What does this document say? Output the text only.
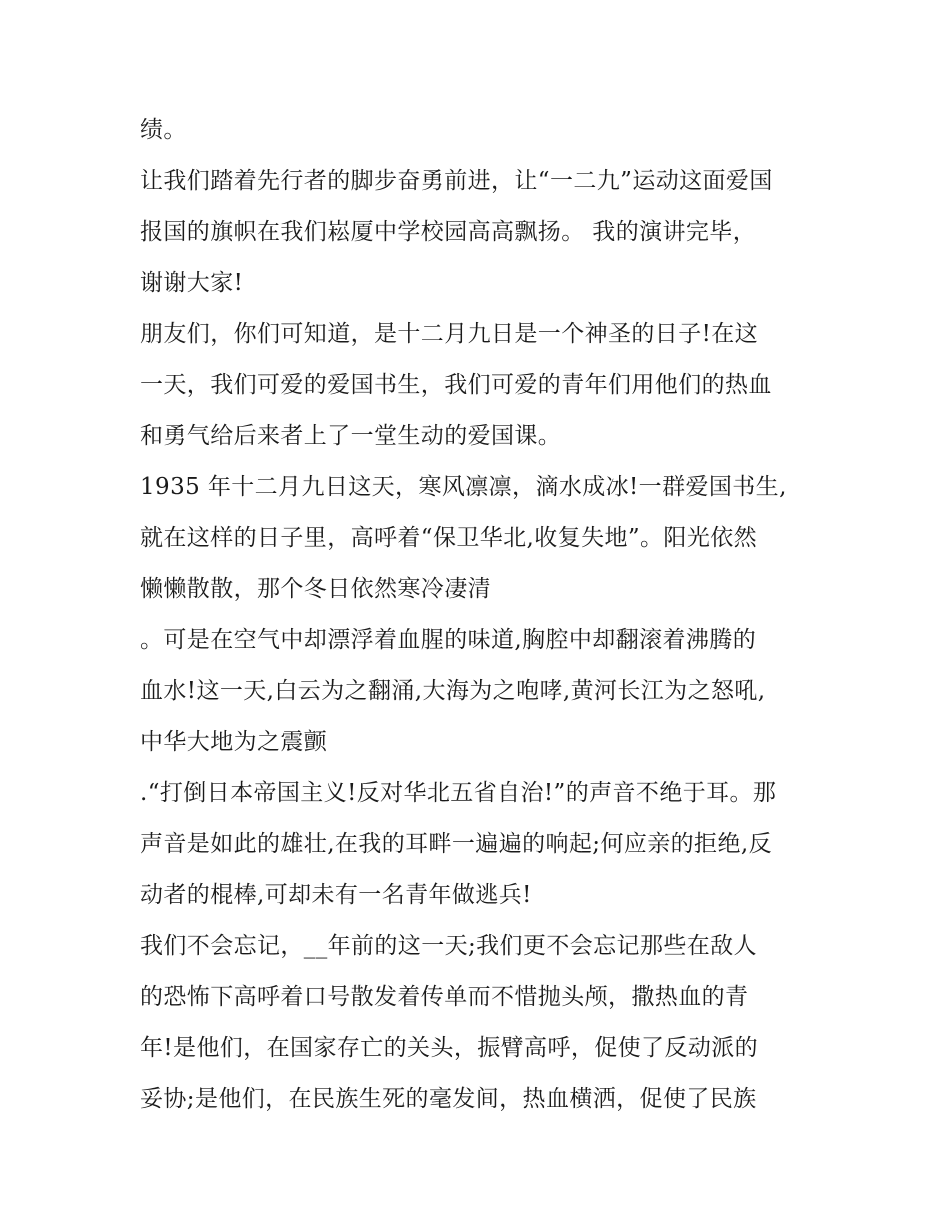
绩。
让我们踏着先行者的脚步奋勇前进，让“一二九”运动这面爱国
报国的旗帜在我们崧厦中学校园高高飘扬。 我的演讲完毕，
谢谢大家!
朋友们，你们可知道，是十二月九日是一个神圣的日子!在这
一天，我们可爱的爱国书生，我们可爱的青年们用他们的热血
和勇气给后来者上了一堂生动的爱国课。
1935 年十二月九日这天，寒风凛凛，滴水成冰!一群爱国书生,
就在这样的日子里，高呼着“保卫华北,收复失地”。阳光依然
懒懒散散，那个冬日依然寒冷凄清
。可是在空气中却漂浮着血腥的味道,胸腔中却翻滚着沸腾的
血水!这一天,白云为之翻涌,大海为之咆哮,黄河长江为之怒吼,
中华大地为之震颤
.“打倒日本帝国主义!反对华北五省自治!”的声音不绝于耳。那
声音是如此的雄壮,在我的耳畔一遍遍的响起;何应亲的拒绝,反
动者的棍棒,可却未有一名青年做逃兵!
我们不会忘记，__年前的这一天;我们更不会忘记那些在敌人
的恐怖下高呼着口号散发着传单而不惜抛头颅，撒热血的青
年!是他们，在国家存亡的关头，振臂高呼，促使了反动派的
妥协;是他们，在民族生死的毫发间，热血横洒，促使了民族
